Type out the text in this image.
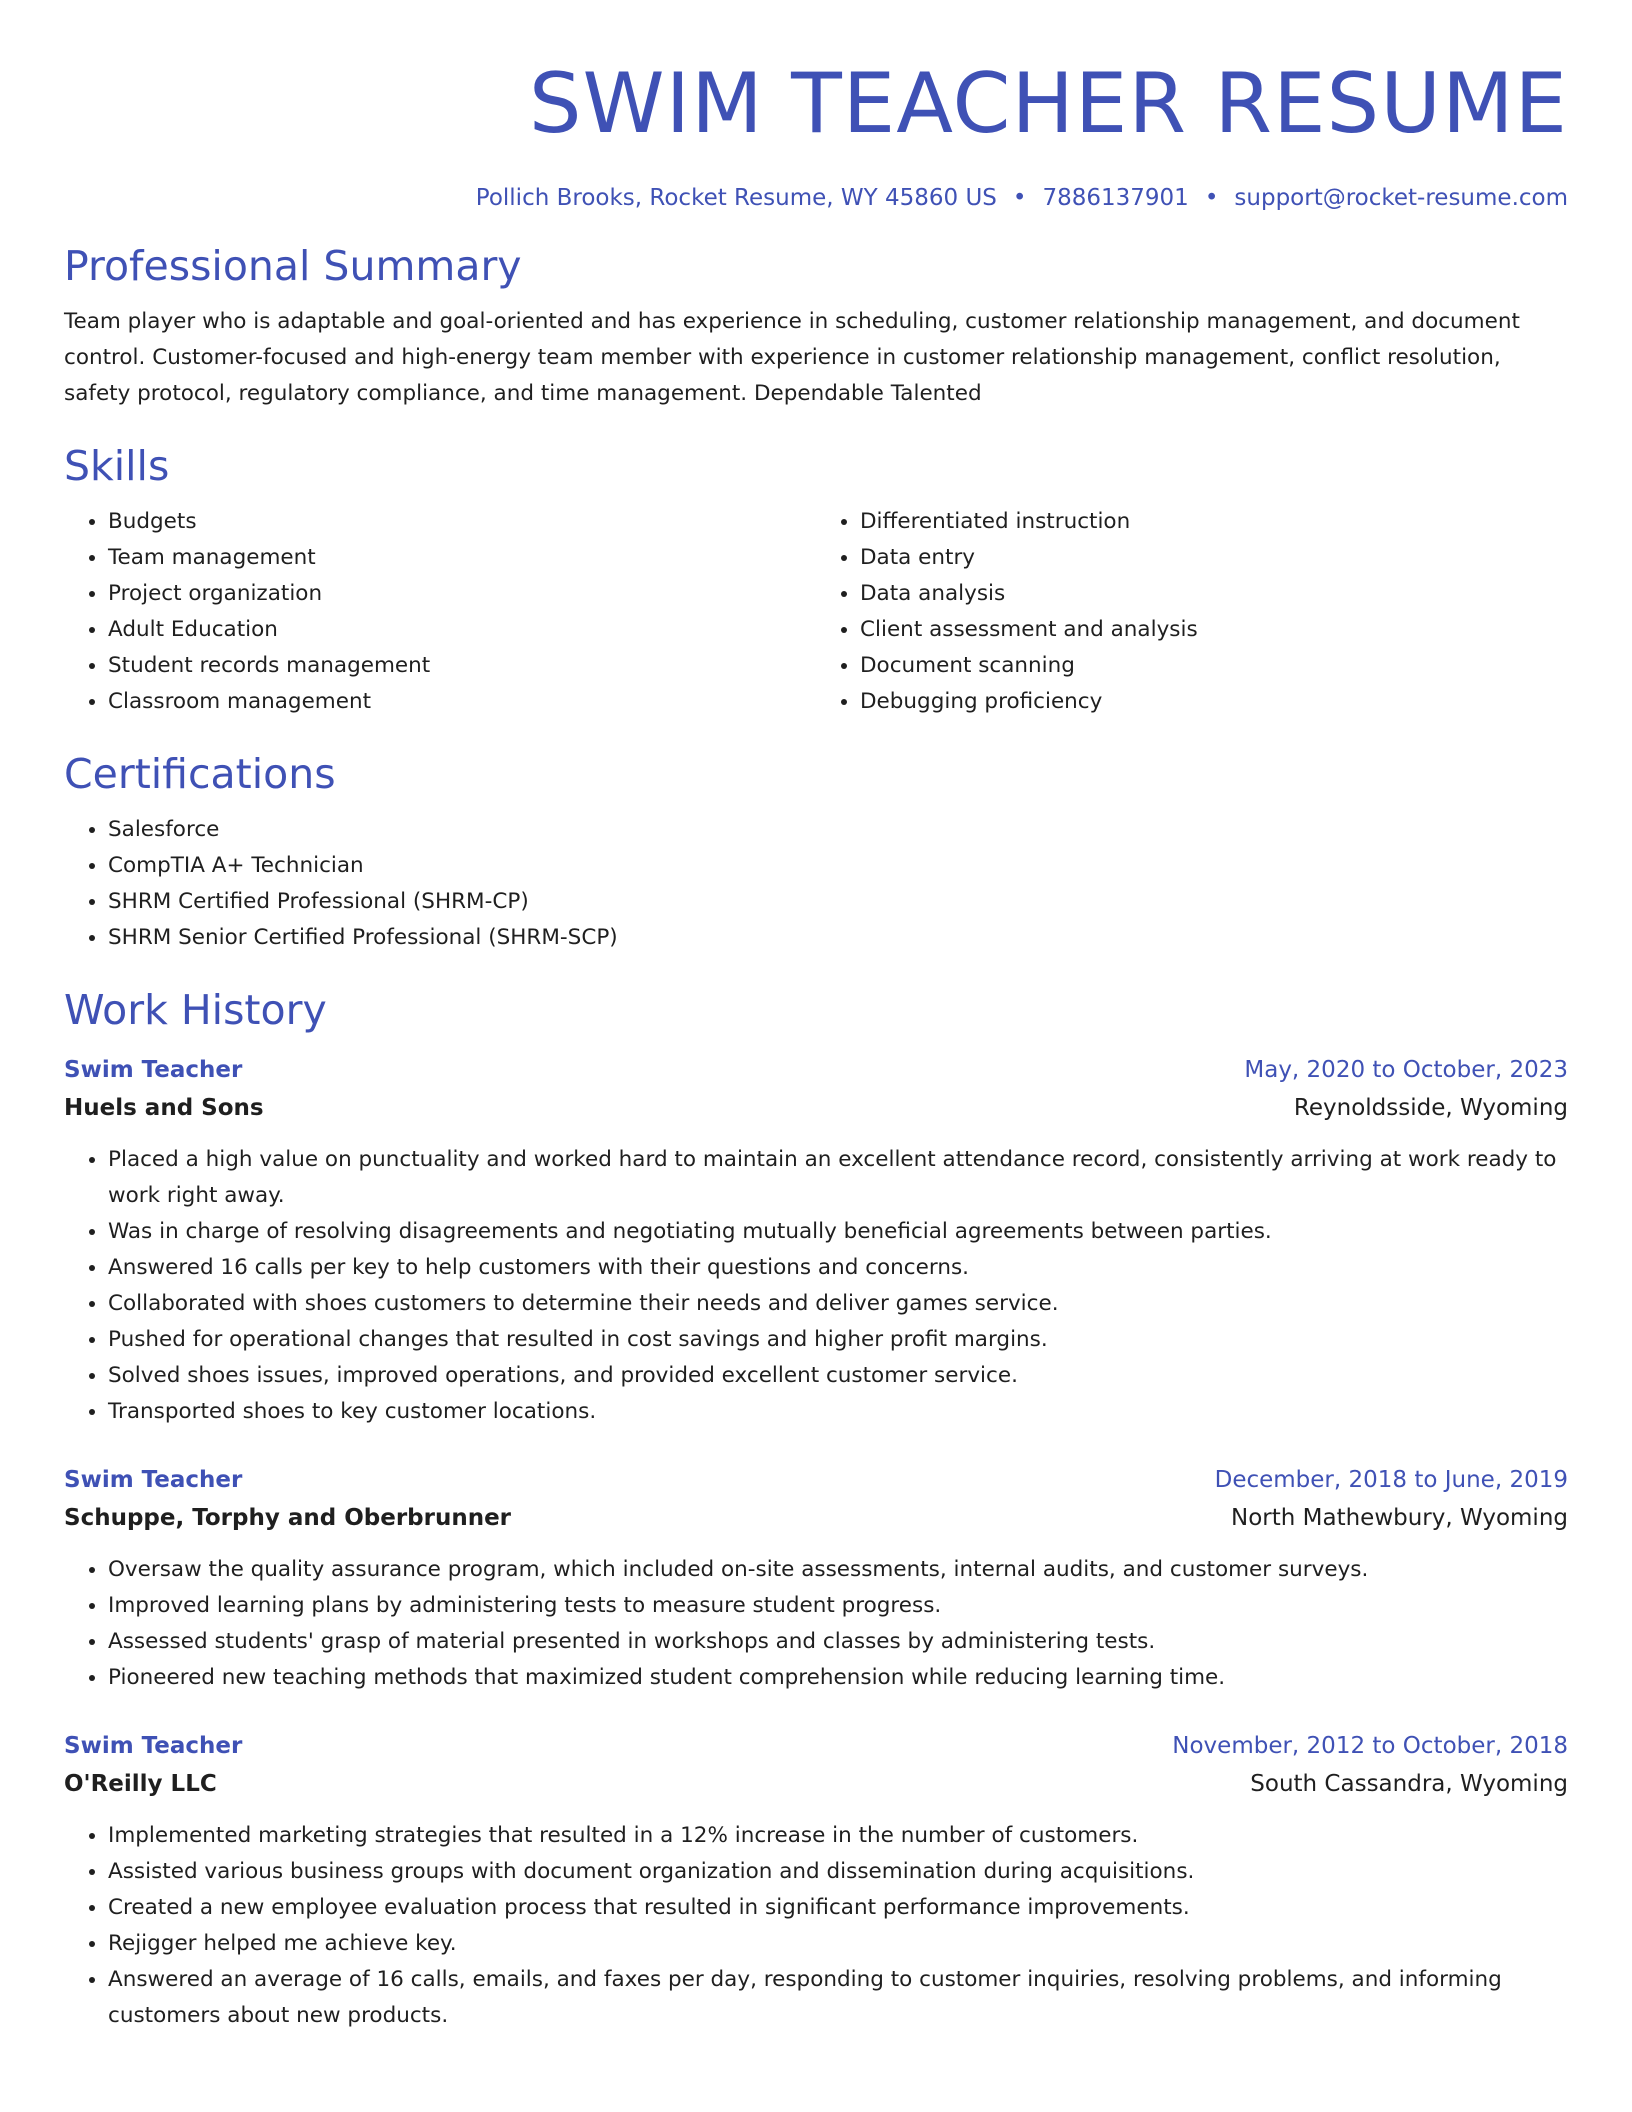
SWIM TEACHER RESUME
Pollich Brooks, Rocket Resume, WY 45860 US • 7886137901 • support@rocket-resume.com
Professional Summary
Team player who is adaptable and goal-oriented and has experience in scheduling, customer relationship management, and document control. Customer-focused and high-energy team member with experience in customer relationship management, conflict resolution, safety protocol, regulatory compliance, and time management. Dependable Talented
Skills
• Budgets
• Team management
• Project organization
• Adult Education
• Student records management
• Classroom management
• Differentiated instruction
• Data entry
• Data analysis
• Client assessment and analysis
• Document scanning
• Debugging proficiency
Certifications
• Salesforce
• CompTIA A+ Technician
• SHRM Certified Professional (SHRM-CP)
• SHRM Senior Certified Professional (SHRM-SCP)
Work History
Swim Teacher	May, 2020 to October, 2023
Huels and Sons	Reynoldsside, Wyoming
• Placed a high value on punctuality and worked hard to maintain an excellent attendance record, consistently arriving at work ready to work right away.
• Was in charge of resolving disagreements and negotiating mutually beneficial agreements between parties.
• Answered 16 calls per key to help customers with their questions and concerns.
• Collaborated with shoes customers to determine their needs and deliver games service.
• Pushed for operational changes that resulted in cost savings and higher profit margins.
• Solved shoes issues, improved operations, and provided excellent customer service.
• Transported shoes to key customer locations.
Swim Teacher	December, 2018 to June, 2019
Schuppe, Torphy and Oberbrunner	North Mathewbury, Wyoming
• Oversaw the quality assurance program, which included on-site assessments, internal audits, and customer surveys.
• Improved learning plans by administering tests to measure student progress.
• Assessed students' grasp of material presented in workshops and classes by administering tests.
• Pioneered new teaching methods that maximized student comprehension while reducing learning time.
Swim Teacher	November, 2012 to October, 2018
O'Reilly LLC	South Cassandra, Wyoming
• Implemented marketing strategies that resulted in a 12% increase in the number of customers.
• Assisted various business groups with document organization and dissemination during acquisitions.
• Created a new employee evaluation process that resulted in significant performance improvements.
• Rejigger helped me achieve key.
• Answered an average of 16 calls, emails, and faxes per day, responding to customer inquiries, resolving problems, and informing customers about new products.
